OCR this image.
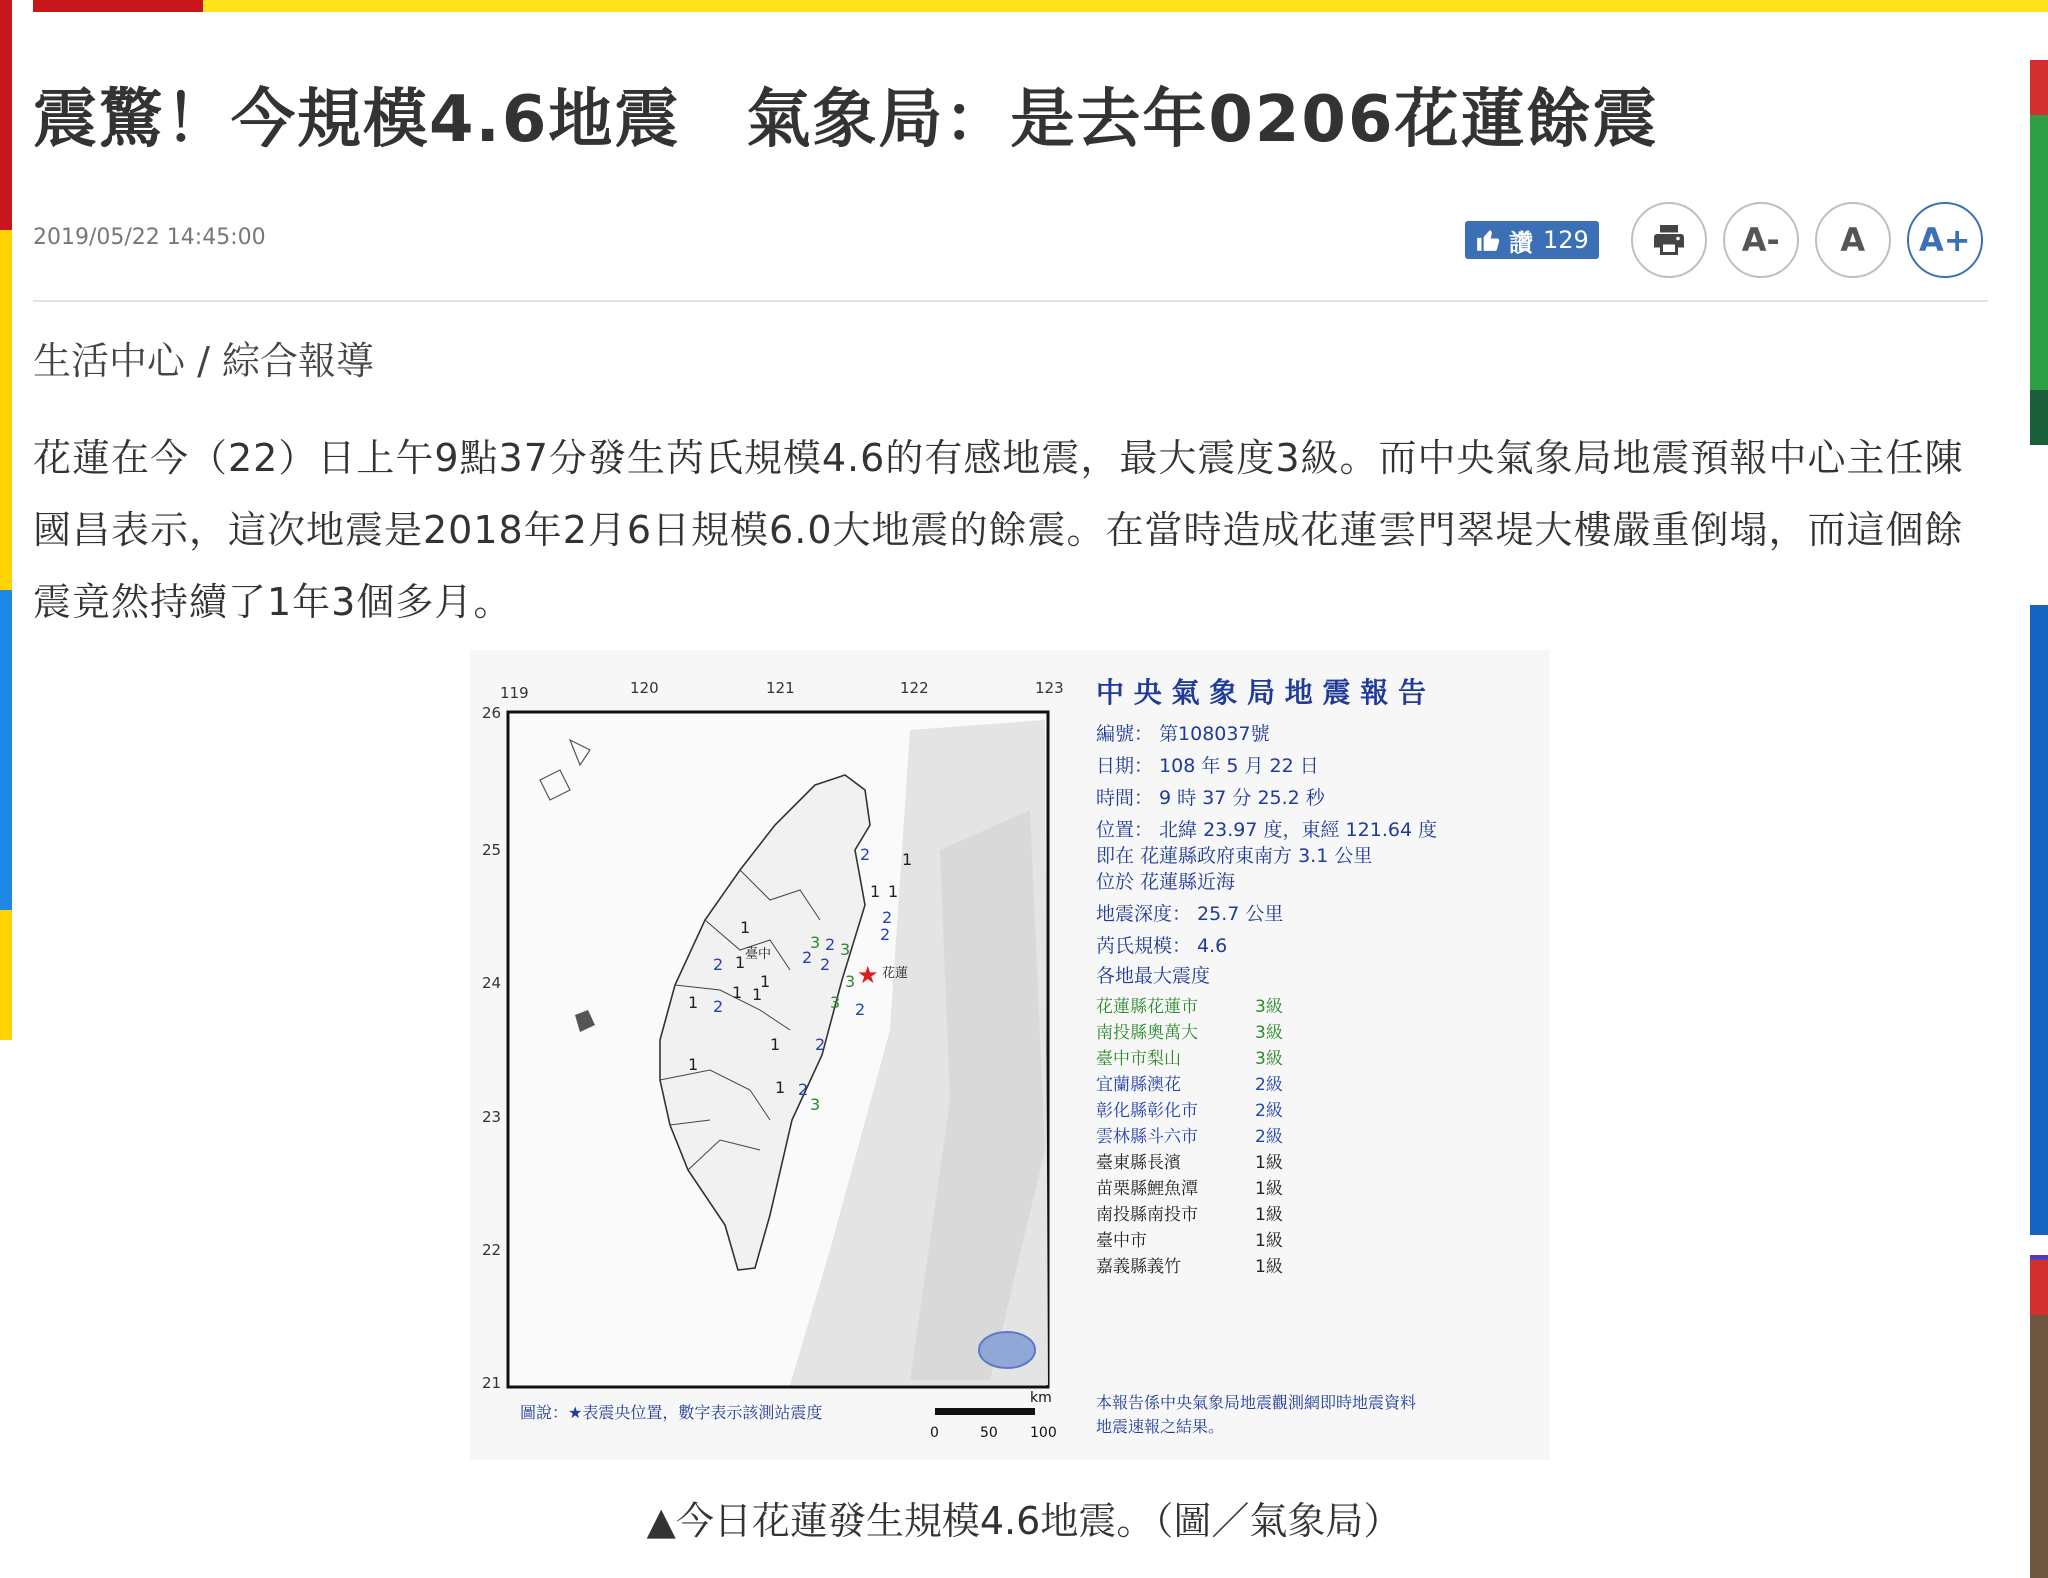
震驚！今規模4.6地震　氣象局：是去年0206花蓮餘震
2019/05/22 14:45:00	讚 129	A-	A	A+
生活中心 / 綜合報導
花蓮在今（22）日上午9點37分發生芮氏規模4.6的有感地震，最大震度3級。而中央氣象局地震預報中心主任陳國昌表示，這次地震是2018年2月6日規模6.0大地震的餘震。在當時造成花蓮雲門翠堤大樓嚴重倒塌，而這個餘震竟然持續了1年3個多月。
119	120	121	122	123
26
25
24
23
22
21
1
1 1
2
2
2
2
3 3
3
3 2
2
1
1
1
1
2
2
1	1
2
1
1 2
1
3
2
臺中
花蓮
★
圖說：★表震央位置，數字表示該測站震度
km
0	50 100
中 央 氣 象 局 地 震 報 告
編號： 第108037號
日期： 108 年 5 月 22 日
時間： 9 時 37 分 25.2 秒
位置： 北緯 23.97 度，東經 121.64 度
即在 花蓮縣政府東南方 3.1 公里
位於 花蓮縣近海
地震深度： 25.7 公里
芮氏規模： 4.6
各地最大震度
花蓮縣花蓮市	3級
南投縣奧萬大	3級
臺中市梨山	3級
宜蘭縣澳花	2級
彰化縣彰化市	2級
雲林縣斗六市	2級
臺東縣長濱	1級
苗栗縣鯉魚潭	1級
南投縣南投市	1級
臺中市	1級
嘉義縣義竹	1級
本報告係中央氣象局地震觀測網即時地震資料
地震速報之結果。
▲今日花蓮發生規模4.6地震。（圖／氣象局）
